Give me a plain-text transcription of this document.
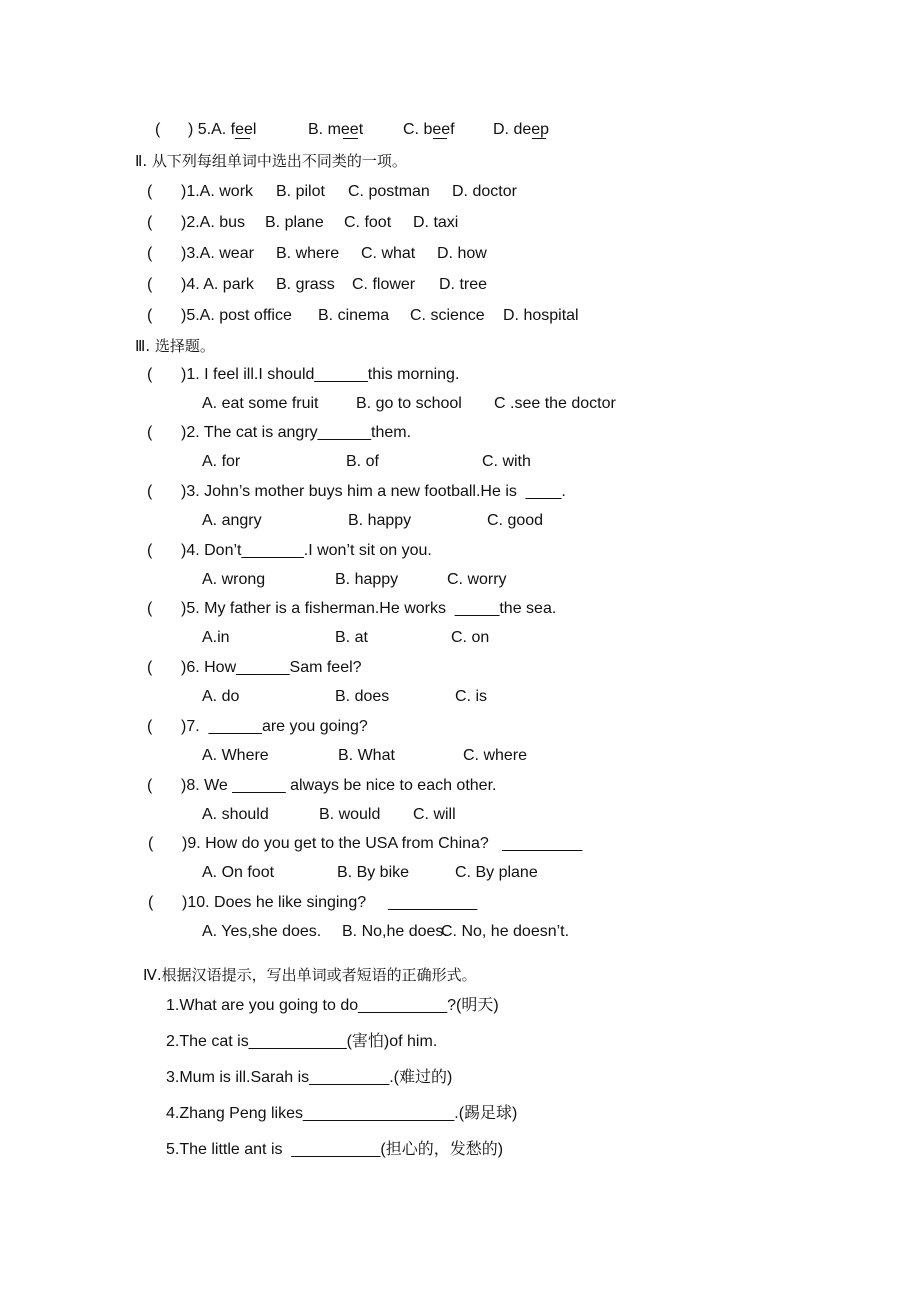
( ) 5.A. feel	B. meet C. beef D. deep
Ⅱ. 从下列每组单词中选出不同类的一项。
( )1.A. work B. pilot C. postman D. doctor
( )2.A. bus B. plane C. foot D. taxi
( )3.A. wear B. where C. what D. how
( )4. A. park B. grass C. flower D. tree
( )5.A. post office B. cinema C. science D. hospital
Ⅲ. 选择题。
( )1. I feel ill.I should______this morning.
A. eat some fruit B. go to school C .see the doctor
( )2. The cat is angry______them.
A. for	B. of	C. with
( )3. John’s mother buys him a new football.He is  ____.
A. angry	B. happy	C. good
( )4. Don’t_______.I won’t sit on you.
A. wrong	B. happy	C. worry
( )5. My father is a fisherman.He works  _____the sea.
A.in	B. at	C. on
( )6. How______Sam feel?
A. do	B. does	C. is
( )7.  ______are you going?
A. Where	B. What	C. where
( )8. We ______ always be nice to each other.
A. should	B. would C. will
( )9. How do you get to the USA from China?   _________
A. On foot	B. By bike	C. By plane
( )10. Does he like singing?     __________
A. Yes,she does. B. No,he does.
C. No, he doesn’t.
Ⅳ.根据汉语提示，写出单词或者短语的正确形式。
1.What are you going to do__________?(明天)
2.The cat is___________(害怕)of him.
3.Mum is ill.Sarah is_________.(难过的)
4.Zhang Peng likes_________________.(踢足球)
5.The little ant is  __________(担心的，发愁的)
